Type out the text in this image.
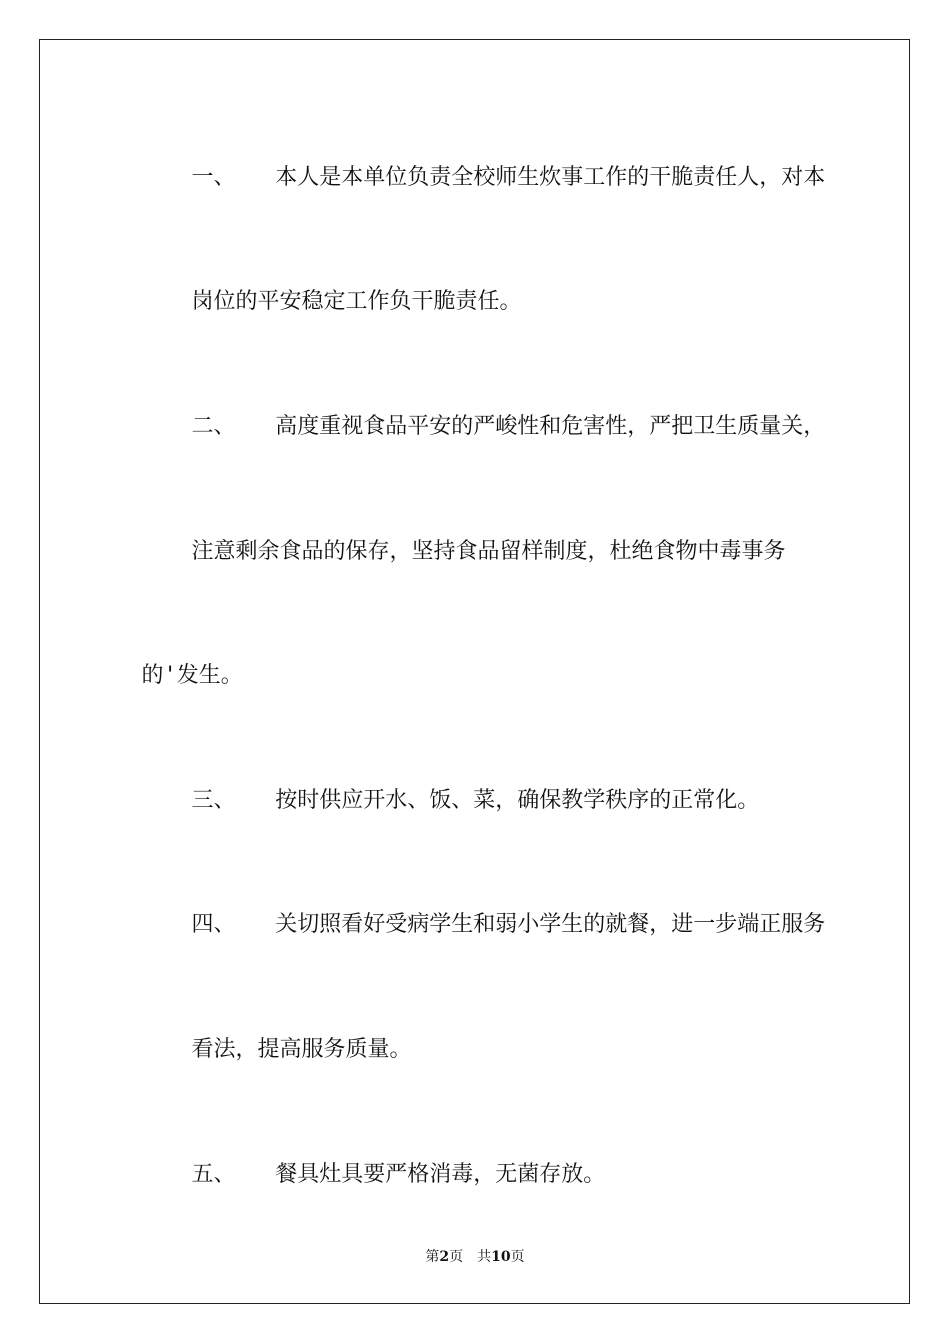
一、 本人是本单位负责全校师生炊事工作的干脆责任人，对本

岗位的平安稳定工作负干脆责任。

二、 高度重视食品平安的严峻性和危害性，严把卫生质量关，

注意剩余食品的保存，坚持食品留样制度，杜绝食物中毒事务

的'发生。

三、 按时供应开水、饭、菜，确保教学秩序的正常化。

四、 关切照看好受病学生和弱小学生的就餐，进一步端正服务

看法，提高服务质量。

五、 餐具灶具要严格消毒，无菌存放。

第2页　共10页
